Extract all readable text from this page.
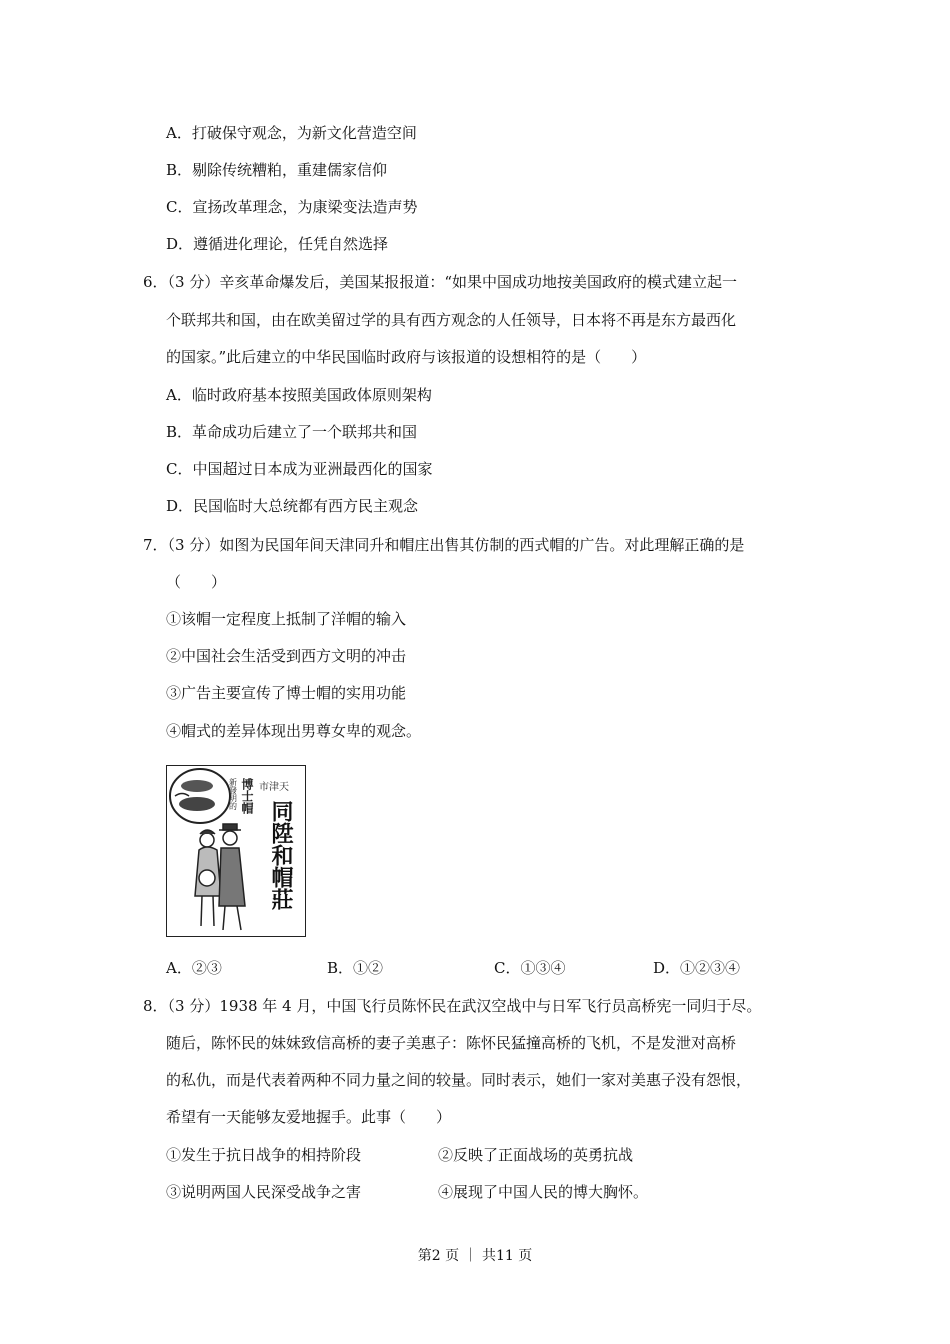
A．打破保守观念，为新文化营造空间
B．剔除传统糟粕，重建儒家信仰
C．宣扬改革理念，为康梁变法造声势
D．遵循进化理论，任凭自然选择
6．（3 分）辛亥革命爆发后，美国某报报道：“如果中国成功地按美国政府的模式建立起一
个联邦共和国，由在欧美留过学的具有西方观念的人任领导，日本将不再是东方最西化
的国家。”此后建立的中华民国临时政府与该报道的设想相符的是（　　）
A．临时政府基本按照美国政体原则架构
B．革命成功后建立了一个联邦共和国
C．中国超过日本成为亚洲最西化的国家
D．民国临时大总统都有西方民主观念
7．（3 分）如图为民国年间天津同升和帽庄出售其仿制的西式帽的广告。对此理解正确的是
（　　）
①该帽一定程度上抵制了洋帽的输入
②中国社会生活受到西方文明的冲击
③广告主要宣传了博士帽的实用功能
④帽式的差异体现出男尊女卑的观念。
新發明的 博士帽 市津天
同陞和帽莊
A．②③	B．①②	C．①③④	D．①②③④
8．（3 分）1938 年 4 月，中国飞行员陈怀民在武汉空战中与日军飞行员高桥宪一同归于尽。
随后，陈怀民的妹妹致信高桥的妻子美惠子：陈怀民猛撞高桥的飞机，不是发泄对高桥
的私仇，而是代表着两种不同力量之间的较量。同时表示，她们一家对美惠子没有怨恨，
希望有一天能够友爱地握手。此事（　　）
①发生于抗日战争的相持阶段	②反映了正面战场的英勇抗战
③说明两国人民深受战争之害	④展现了中国人民的博大胸怀。
第2 页 ｜ 共11 页
